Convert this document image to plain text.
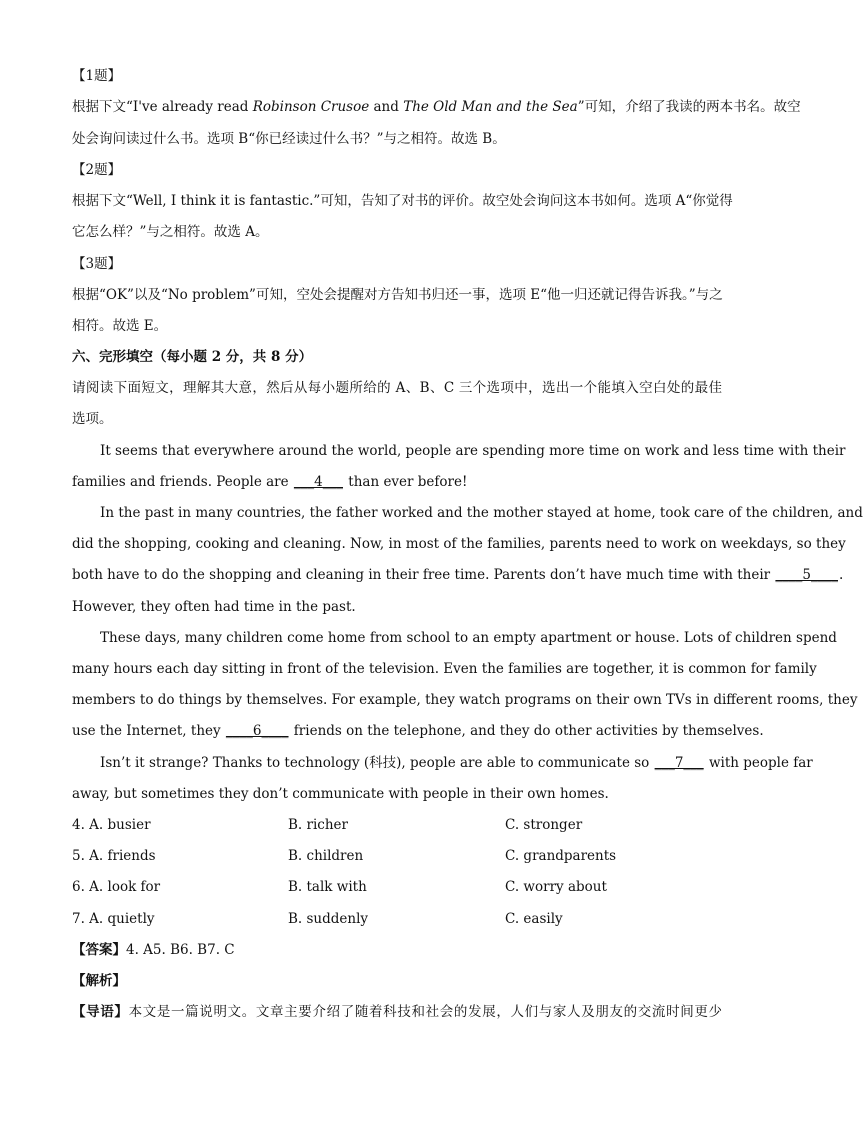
【1题】
根据下文“I've already read Robinson Crusoe and The Old Man and the Sea”可知，介绍了我读的两本书名。故空
处会询问读过什么书。选项 B“你已经读过什么书？”与之相符。故选 B。
【2题】
根据下文“Well, I think it is fantastic.”可知，告知了对书的评价。故空处会询问这本书如何。选项 A“你觉得
它怎么样？”与之相符。故选 A。
【3题】
根据“OK”以及“No problem”可知，空处会提醒对方告知书归还一事，选项 E“他一归还就记得告诉我。”与之
相符。故选 E。
六、完形填空（每小题 2 分，共 8 分）
请阅读下面短文，理解其大意，然后从每小题所给的 A、B、C 三个选项中，选出一个能填入空白处的最佳
选项。
It seems that everywhere around the world, people are spending more time on work and less time with their
families and friends. People are ___4___ than ever before!
In the past in many countries, the father worked and the mother stayed at home, took care of the children, and
did the shopping, cooking and cleaning. Now, in most of the families, parents need to work on weekdays, so they
both have to do the shopping and cleaning in their free time. Parents don’t have much time with their ____5____.
However, they often had time in the past.
These days, many children come home from school to an empty apartment or house. Lots of children spend
many hours each day sitting in front of the television. Even the families are together, it is common for family
members to do things by themselves. For example, they watch programs on their own TVs in different rooms, they
use the Internet, they ____6____ friends on the telephone, and they do other activities by themselves.
Isn’t it strange? Thanks to technology (科技), people are able to communicate so ___7___ with people far
away, but sometimes they don’t communicate with people in their own homes.
4. A. busier	B. richer	C. stronger
5. A. friends	B. children	C. grandparents
6. A. look for	B. talk with	C. worry about
7. A. quietly	B. suddenly	C. easily
【答案】4. A5. B6. B7. C
【解析】
【导语】本文是一篇说明文。文章主要介绍了随着科技和社会的发展，人们与家人及朋友的交流时间更少
